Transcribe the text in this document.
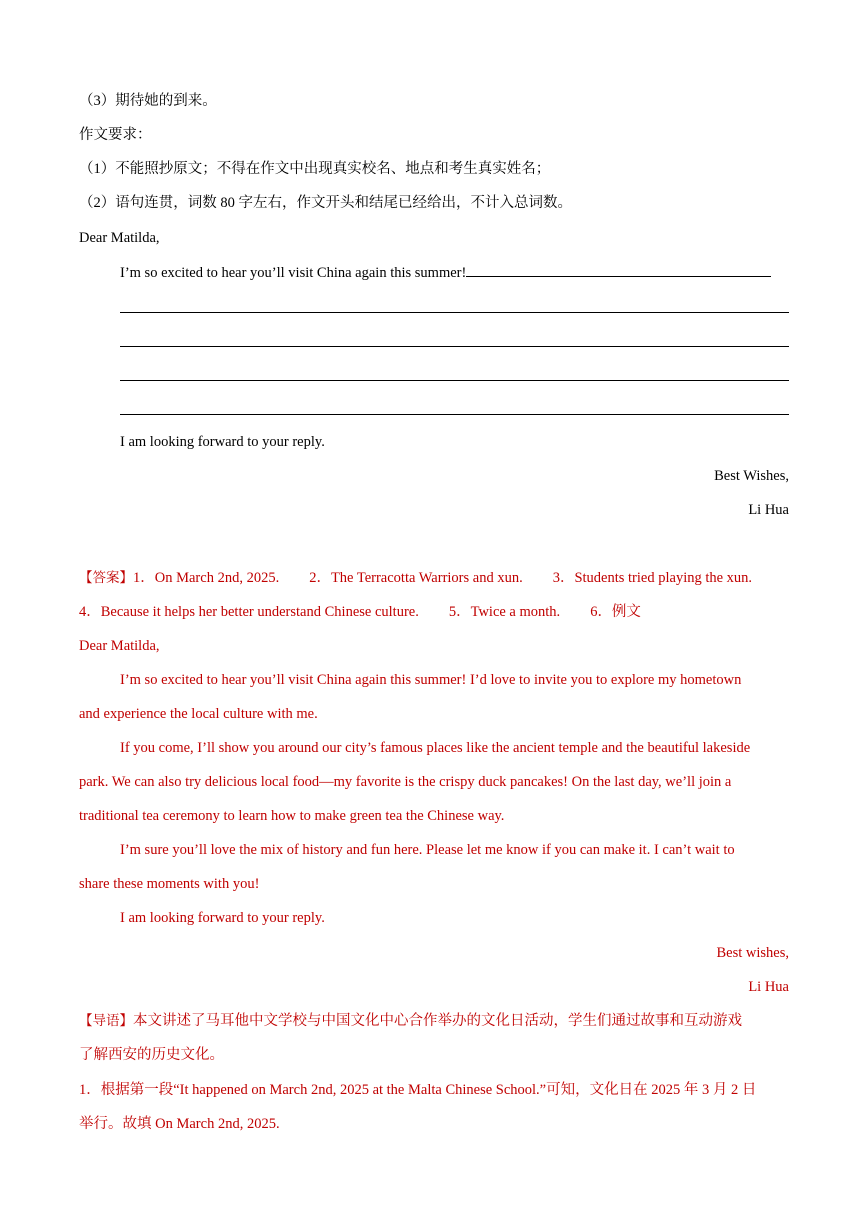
（3）期待她的到来。
作文要求：
（1）不能照抄原文；不得在作文中出现真实校名、地点和考生真实姓名；
（2）语句连贯，词数 80 字左右，作文开头和结尾已经给出，不计入总词数。
Dear Matilda,
I’m so excited to hear you’ll visit China again this summer!
I am looking forward to your reply.
Best Wishes,
Li Hua
【答案】1．On March 2nd, 2025. 2．The Terracotta Warriors and xun. 3．Students tried playing the xun.
4．Because it helps her better understand Chinese culture. 5．Twice a month. 6．例文
Dear Matilda,
I’m so excited to hear you’ll visit China again this summer! I’d love to invite you to explore my hometown
and experience the local culture with me.
If you come, I’ll show you around our city’s famous places like the ancient temple and the beautiful lakeside
park. We can also try delicious local food—my favorite is the crispy duck pancakes! On the last day, we’ll join a
traditional tea ceremony to learn how to make green tea the Chinese way.
I’m sure you’ll love the mix of history and fun here. Please let me know if you can make it. I can’t wait to
share these moments with you!
I am looking forward to your reply.
Best wishes,
Li Hua
【导语】本文讲述了马耳他中文学校与中国文化中心合作举办的文化日活动，学生们通过故事和互动游戏
了解西安的历史文化。
1．根据第一段“It happened on March 2nd, 2025 at the Malta Chinese School.”可知，文化日在 2025 年 3 月 2 日
举行。故填 On March 2nd, 2025.
